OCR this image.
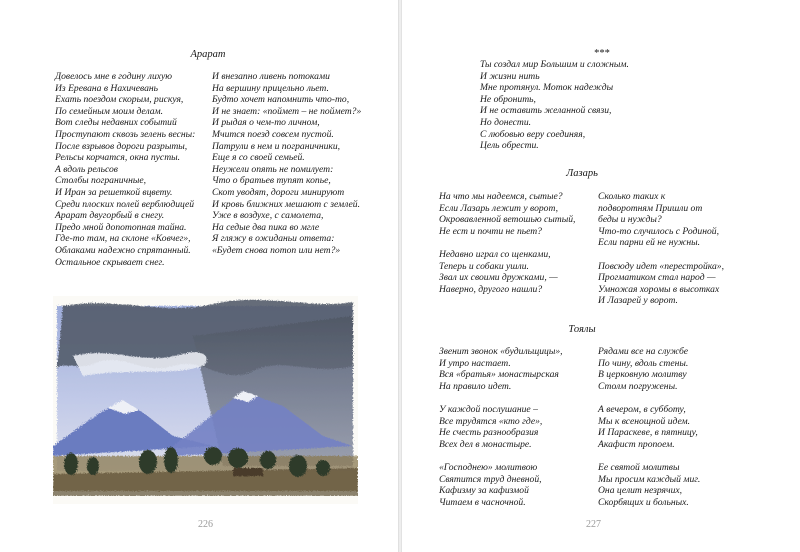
Арарат
Довелось мне в годину лихую
Из Еревана в Нахичевань
Ехать поездом скорым, рискуя,
По семейным моим делам.
Вот следы недавних событий
Проступают сквозь зелень весны:
После взрывов дороги разрыты,
Рельсы корчатся, окна пусты.
А вдоль рельсов
Столбы пограничные,
И Иран за решеткой вцвету.
Среди плоских полей верблюдицей
Арарат двугорбый в снегу.
Предо мной допотопная тайна.
Где-то там, на склоне «Ковчег»,
Облаками надежно спрятанный.
Остальное скрывает снег.
И внезапно ливень потоками
На вершину прицельно льет.
Будто хочет напомнить что-то,
И не знает: «поймет – не поймет?»
И рыдая о чем-то личном,
Мчится поезд совсем пустой.
Патрули в нем и пограничники,
Еще я со своей семьей.
Неужели опять не помилует:
Что о братьев тупят копье,
Скот уводят, дороги минируют
И кровь ближних мешают с землей.
Уже в воздухе, с самолета,
На седые два пика во мгле
Я гляжу в ожиданьи ответа:
«Будет снова потоп или нет?»
226
***
Ты создал мир Большим и сложным.
И жизни нить
Мне протянул. Моток надежды
Не обронить,
И не оставить желанной связи,
Но донести.
С любовью веру соединяя,
Цель обрести.
Лазарь
На что мы надеемся, сытые?
Если Лазарь лежит у ворот,
Окровавленной ветошью сытый,
Не ест и почти не пьет?
Недавно играл со щенками,
Теперь и собаки ушли.
Звал их своими дружками, —
Наверно, другого нашли?
Сколько таких к
подворотням Пришли от
беды и нужды?
Что-то случилось с Родиной,
Если парни ей не нужны.
Повсюду идет «перестройка»,
Прогматиком стал народ —
Умножая хоромы в высотках
И Лазарей у ворот.
Тоялы
Звенит звонок «будильщицы»,
И утро настает.
Вся «братья» монастырская
На правило идет.
У каждой послушание –
Все трудятся «кто где»,
Не счесть разнообразия
Всех дел в монастыре.
«Господнею» молитвою
Святится труд дневной,
Кафизму за кафизмой
Читаем в часночной.
Рядами все на службе
По чину, вдоль стены.
В церковную молитву
Столм погружены.
А вечером, в субботу,
Мы к всенощной идем.
И Параскеве, в пятницу,
Акафист пропоем.
Ее святой молитвы
Мы просим каждый миг.
Она целит незрячих,
Скорбящих и больных.
227
